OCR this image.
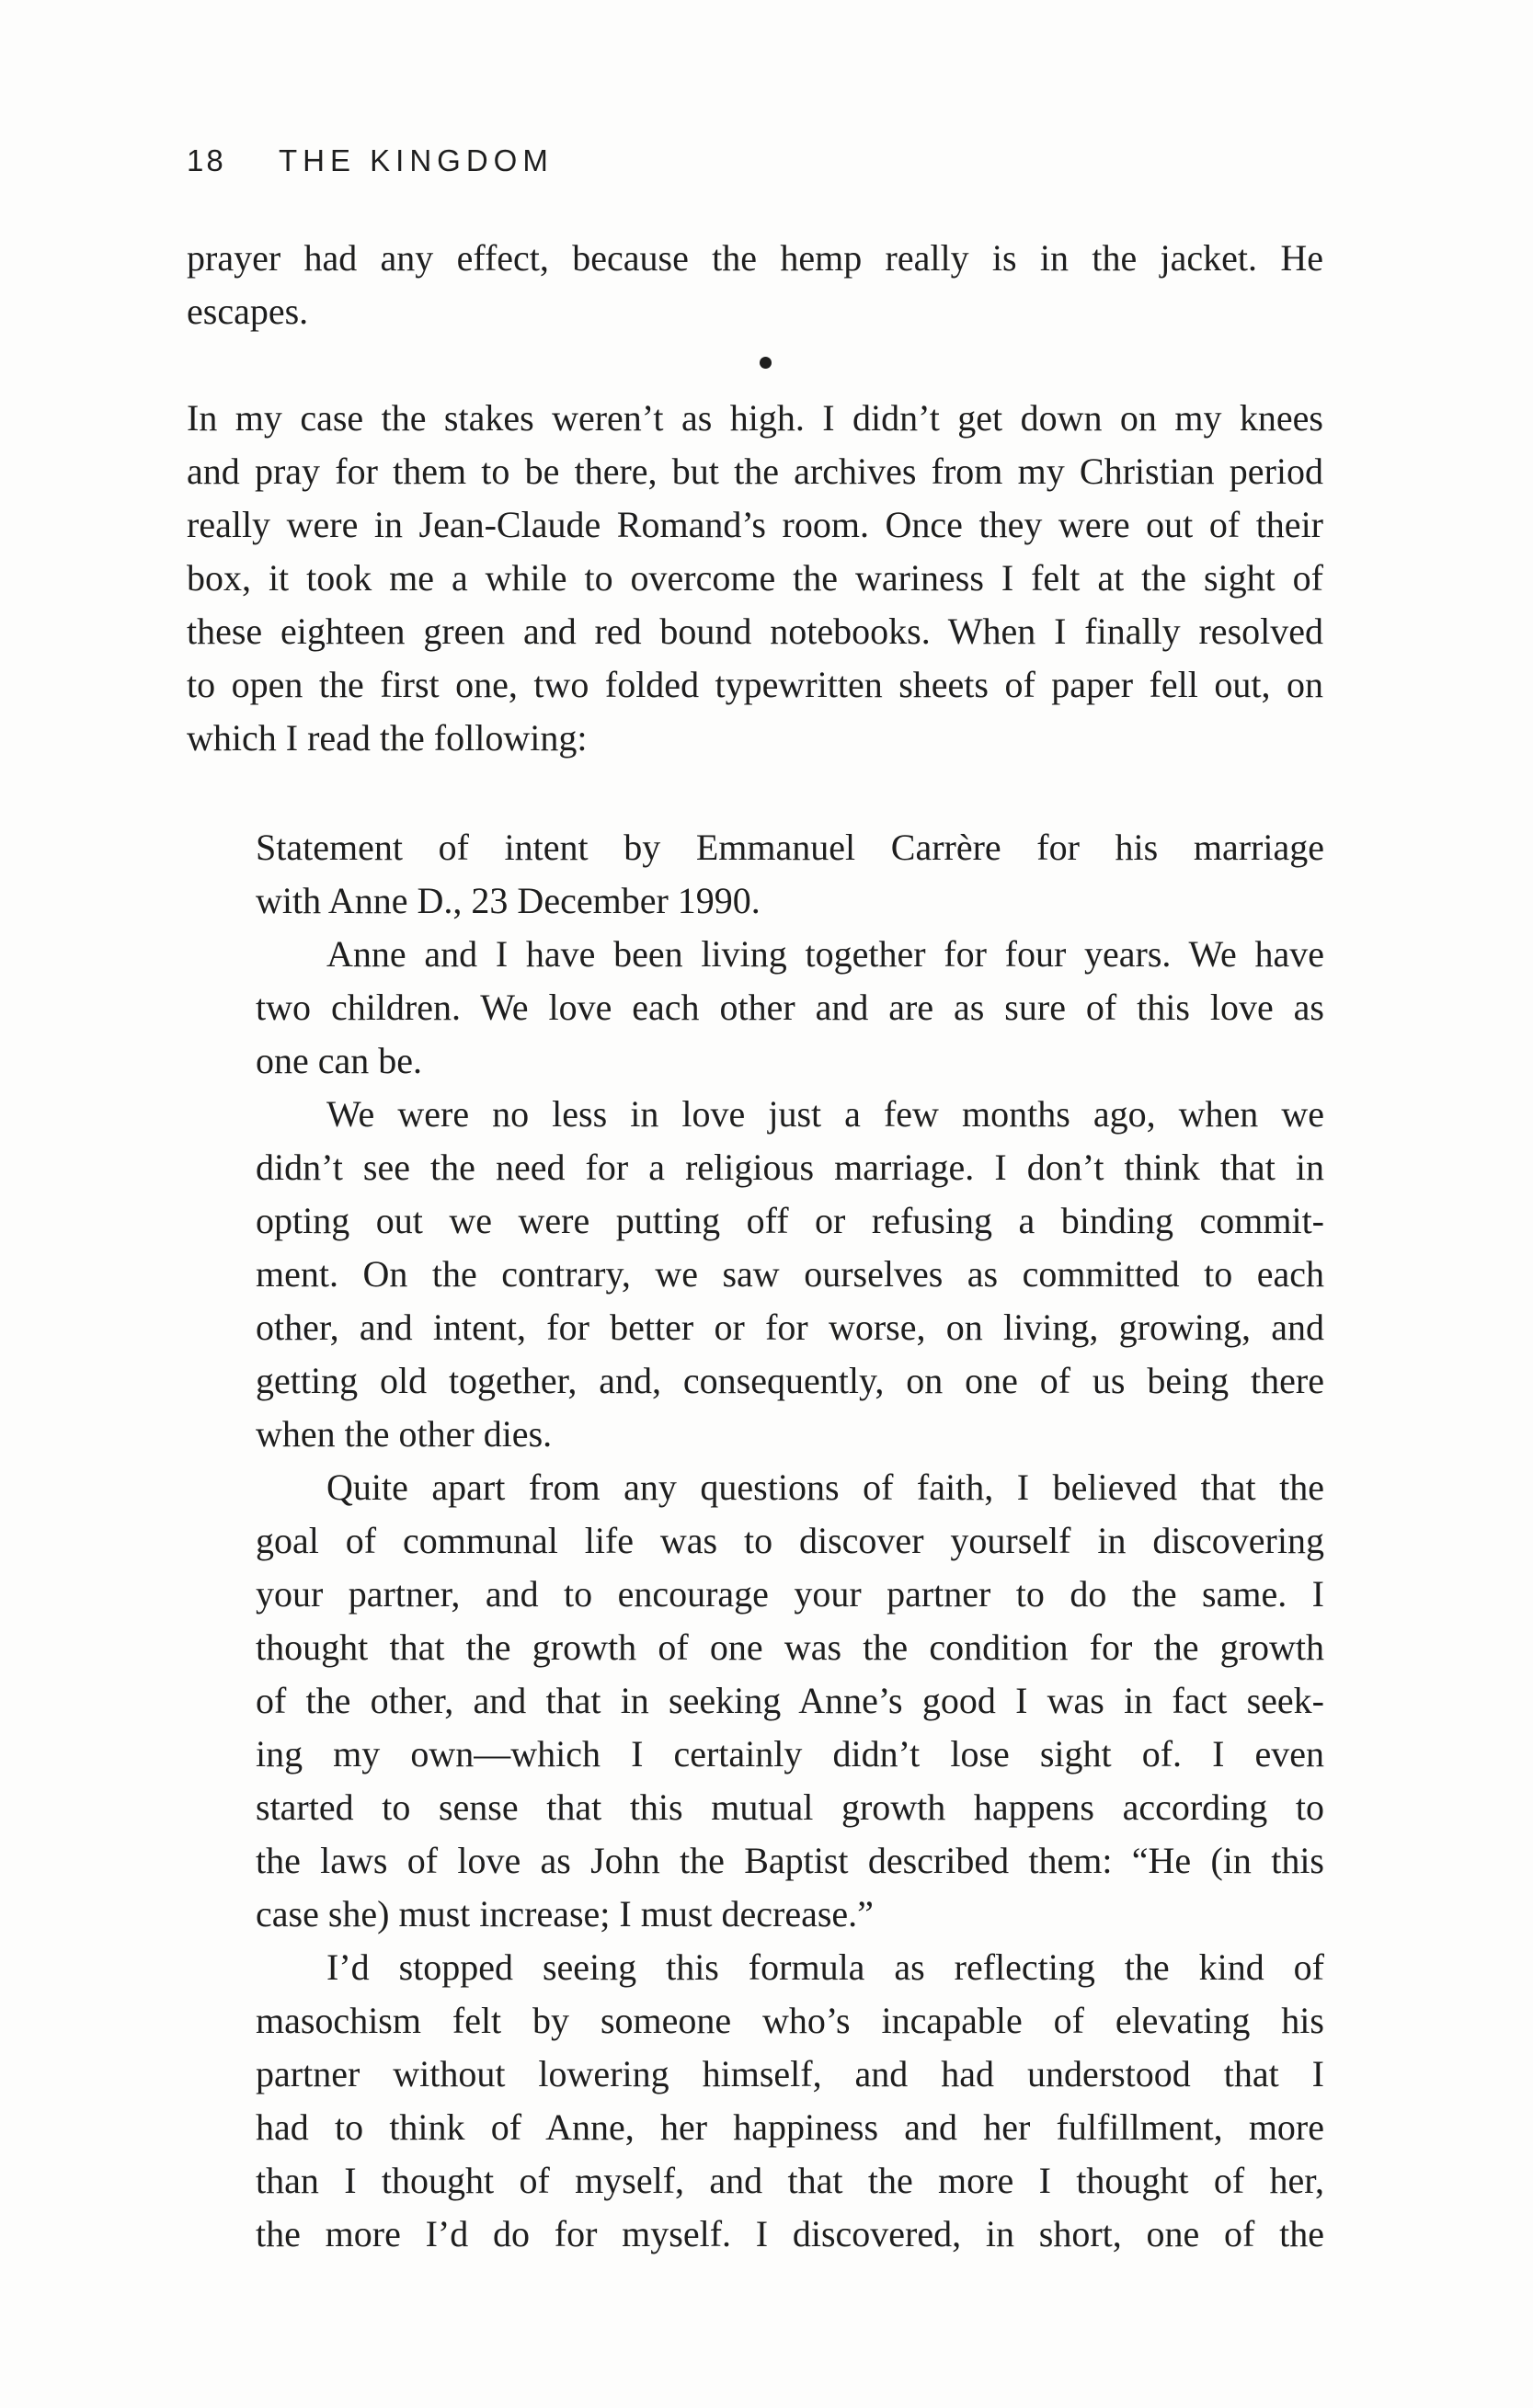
18 THE KINGDOM
prayer had any effect, because the hemp really is in the jacket. He
escapes.
In my case the stakes weren’t as high. I didn’t get down on my knees
and pray for them to be there, but the archives from my Christian period
really were in Jean-Claude Romand’s room. Once they were out of their
box, it took me a while to overcome the wariness I felt at the sight of
these eighteen green and red bound notebooks. When I finally resolved
to open the first one, two folded typewritten sheets of paper fell out, on
which I read the following:
Statement of intent by Emmanuel Carrère for his marriage
with Anne D., 23 December 1990.
Anne and I have been living together for four years. We have
two children. We love each other and are as sure of this love as
one can be.
We were no less in love just a few months ago, when we
didn’t see the need for a religious marriage. I don’t think that in
opting out we were putting off or refusing a binding commit-
ment. On the contrary, we saw ourselves as committed to each
other, and intent, for better or for worse, on living, growing, and
getting old together, and, consequently, on one of us being there
when the other dies.
Quite apart from any questions of faith, I believed that the
goal of communal life was to discover yourself in discovering
your partner, and to encourage your partner to do the same. I
thought that the growth of one was the condition for the growth
of the other, and that in seeking Anne’s good I was in fact seek-
ing my own—which I certainly didn’t lose sight of. I even
started to sense that this mutual growth happens according to
the laws of love as John the Baptist described them: “He (in this
case she) must increase; I must decrease.”
I’d stopped seeing this formula as reflecting the kind of
masochism felt by someone who’s incapable of elevating his
partner without lowering himself, and had understood that I
had to think of Anne, her happiness and her fulfillment, more
than I thought of myself, and that the more I thought of her,
the more I’d do for myself. I discovered, in short, one of the
